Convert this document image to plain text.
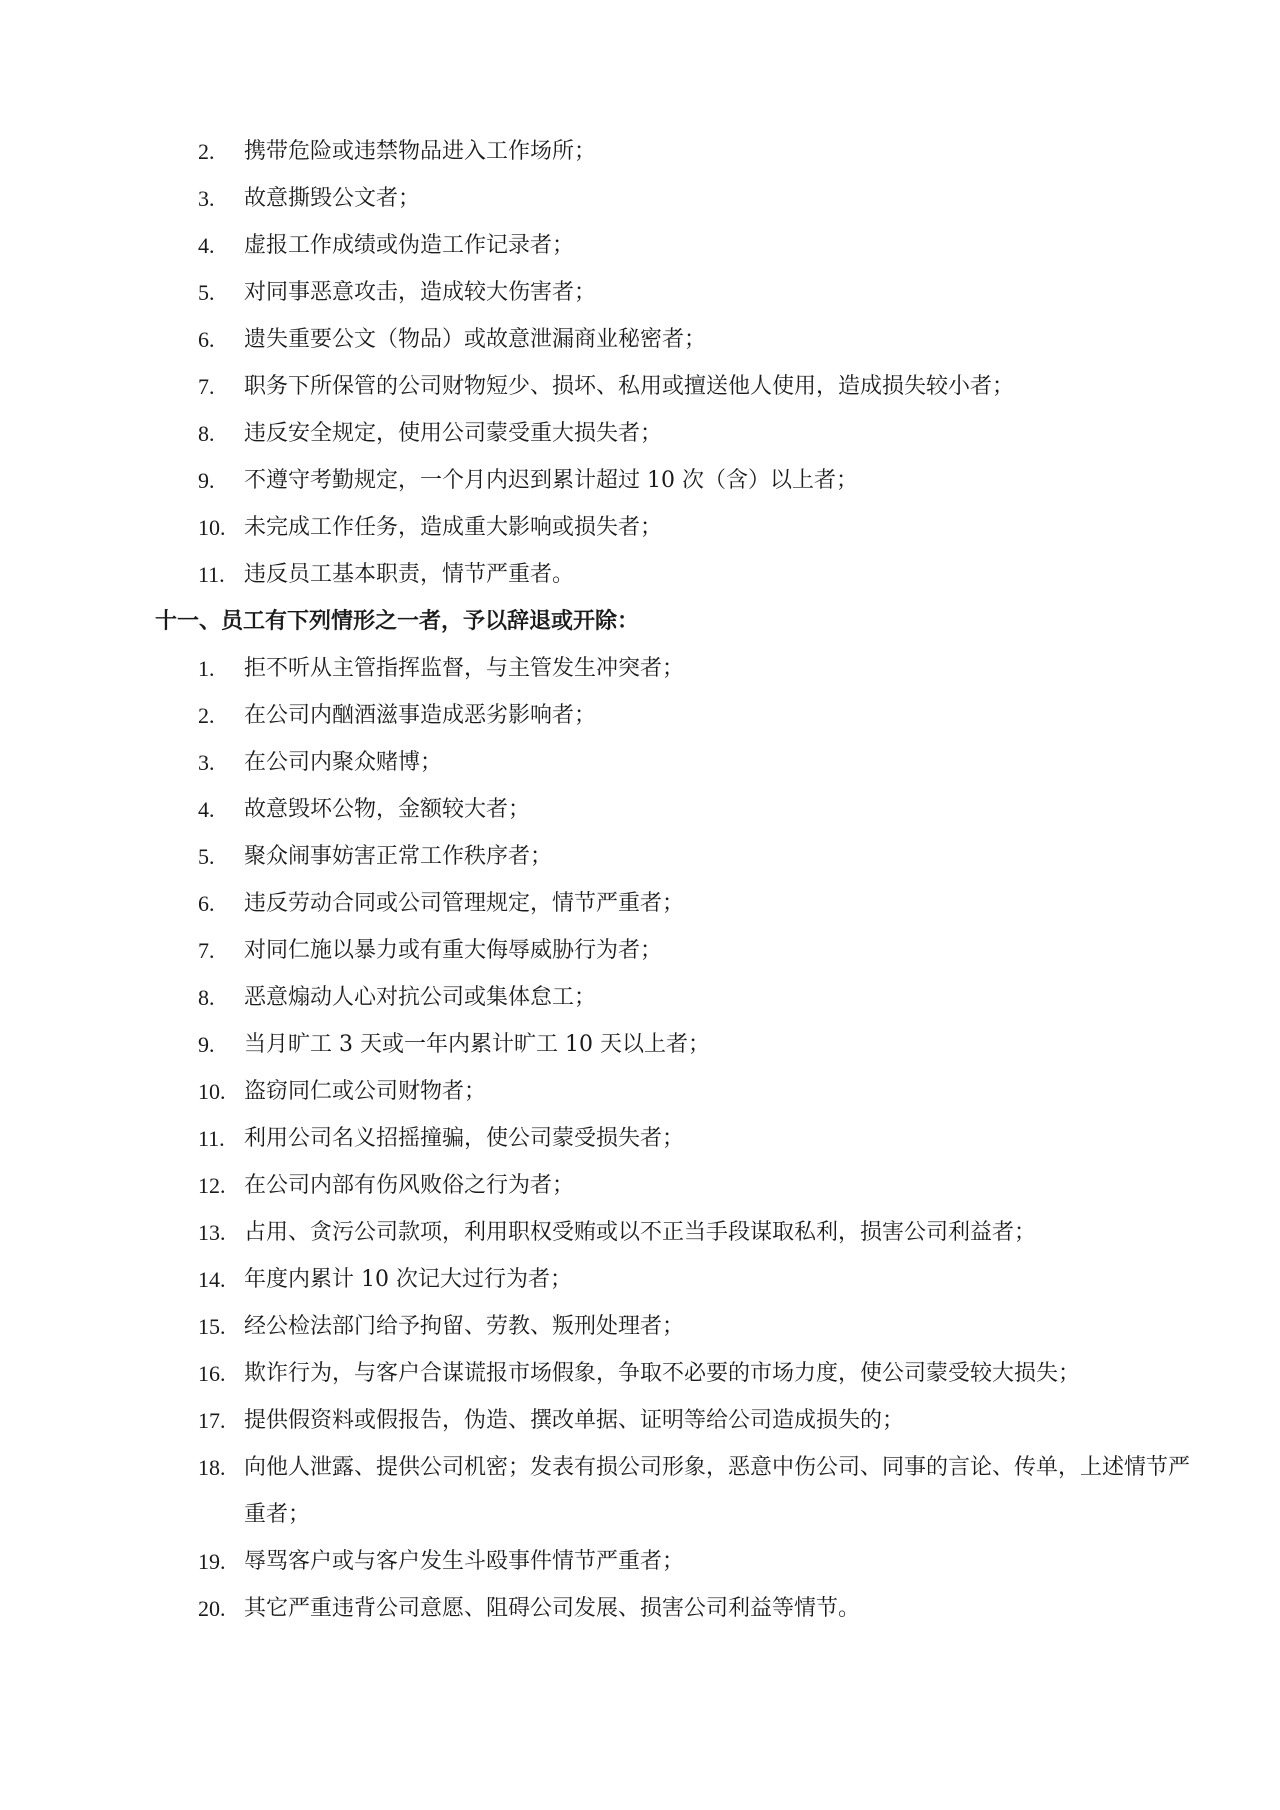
2.	携带危险或违禁物品进入工作场所；
3.	故意撕毁公文者；
4.	虚报工作成绩或伪造工作记录者；
5.	对同事恶意攻击，造成较大伤害者；
6.	遗失重要公文（物品）或故意泄漏商业秘密者；
7.	职务下所保管的公司财物短少、损坏、私用或擅送他人使用，造成损失较小者；
8.	违反安全规定，使用公司蒙受重大损失者；
9.	不遵守考勤规定，一个月内迟到累计超过 10 次（含）以上者；
10. 未完成工作任务，造成重大影响或损失者；
11. 违反员工基本职责，情节严重者。
十一、员工有下列情形之一者，予以辞退或开除：
1.	拒不听从主管指挥监督，与主管发生冲突者；
2.	在公司内酗酒滋事造成恶劣影响者；
3.	在公司内聚众赌博；
4.	故意毁坏公物，金额较大者；
5.	聚众闹事妨害正常工作秩序者；
6.	违反劳动合同或公司管理规定，情节严重者；
7.	对同仁施以暴力或有重大侮辱威胁行为者；
8.	恶意煽动人心对抗公司或集体怠工；
9.	当月旷工 3 天或一年内累计旷工 10 天以上者；
10. 盗窃同仁或公司财物者；
11. 利用公司名义招摇撞骗，使公司蒙受损失者；
12. 在公司内部有伤风败俗之行为者；
13. 占用、贪污公司款项，利用职权受贿或以不正当手段谋取私利，损害公司利益者；
14. 年度内累计 10 次记大过行为者；
15. 经公检法部门给予拘留、劳教、叛刑处理者；
16. 欺诈行为，与客户合谋谎报市场假象，争取不必要的市场力度，使公司蒙受较大损失；
17. 提供假资料或假报告，伪造、撰改单据、证明等给公司造成损失的；
18. 向他人泄露、提供公司机密；发表有损公司形象，恶意中伤公司、同事的言论、传单，上述情节严重者；
19. 辱骂客户或与客户发生斗殴事件情节严重者；
20. 其它严重违背公司意愿、阻碍公司发展、损害公司利益等情节。
